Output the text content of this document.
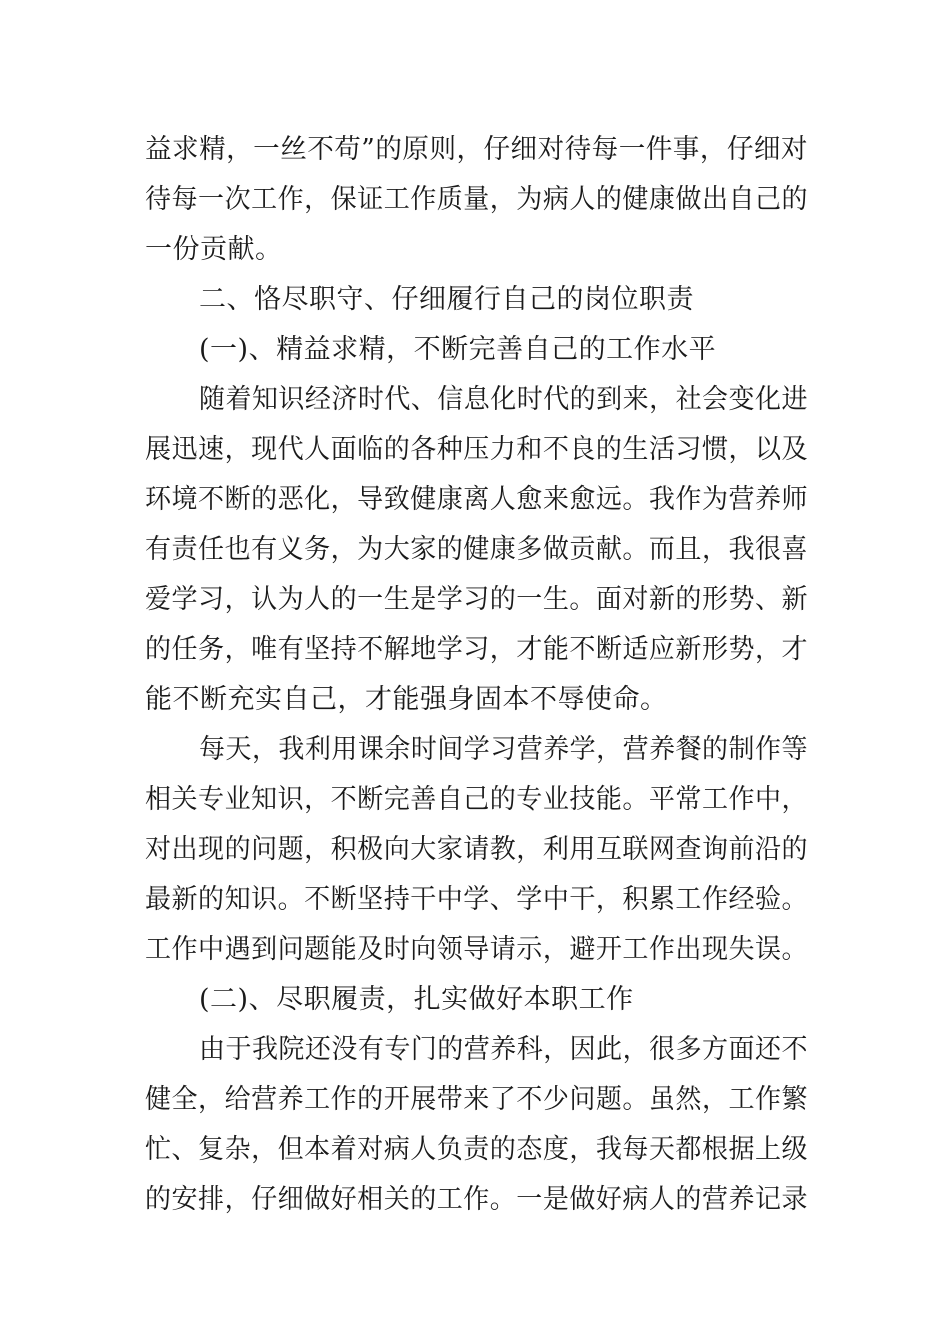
益求精，一丝不苟”的原则，仔细对待每一件事，仔细对
待每一次工作，保证工作质量，为病人的健康做出自己的
一份贡献。
二、恪尽职守、仔细履行自己的岗位职责
(一)、精益求精，不断完善自己的工作水平
随着知识经济时代、信息化时代的到来，社会变化进
展迅速，现代人面临的各种压力和不良的生活习惯，以及
环境不断的恶化，导致健康离人愈来愈远。我作为营养师
有责任也有义务，为大家的健康多做贡献。而且，我很喜
爱学习，认为人的一生是学习的一生。面对新的形势、新
的任务，唯有坚持不解地学习，才能不断适应新形势，才
能不断充实自己，才能强身固本不辱使命。
每天，我利用课余时间学习营养学，营养餐的制作等
相关专业知识，不断完善自己的专业技能。平常工作中，
对出现的问题，积极向大家请教，利用互联网查询前沿的
最新的知识。不断坚持干中学、学中干，积累工作经验。
工作中遇到问题能及时向领导请示，避开工作出现失误。
(二)、尽职履责，扎实做好本职工作
由于我院还没有专门的营养科，因此，很多方面还不
健全，给营养工作的开展带来了不少问题。虽然，工作繁
忙、复杂，但本着对病人负责的态度，我每天都根据上级
的安排，仔细做好相关的工作。一是做好病人的营养记录
